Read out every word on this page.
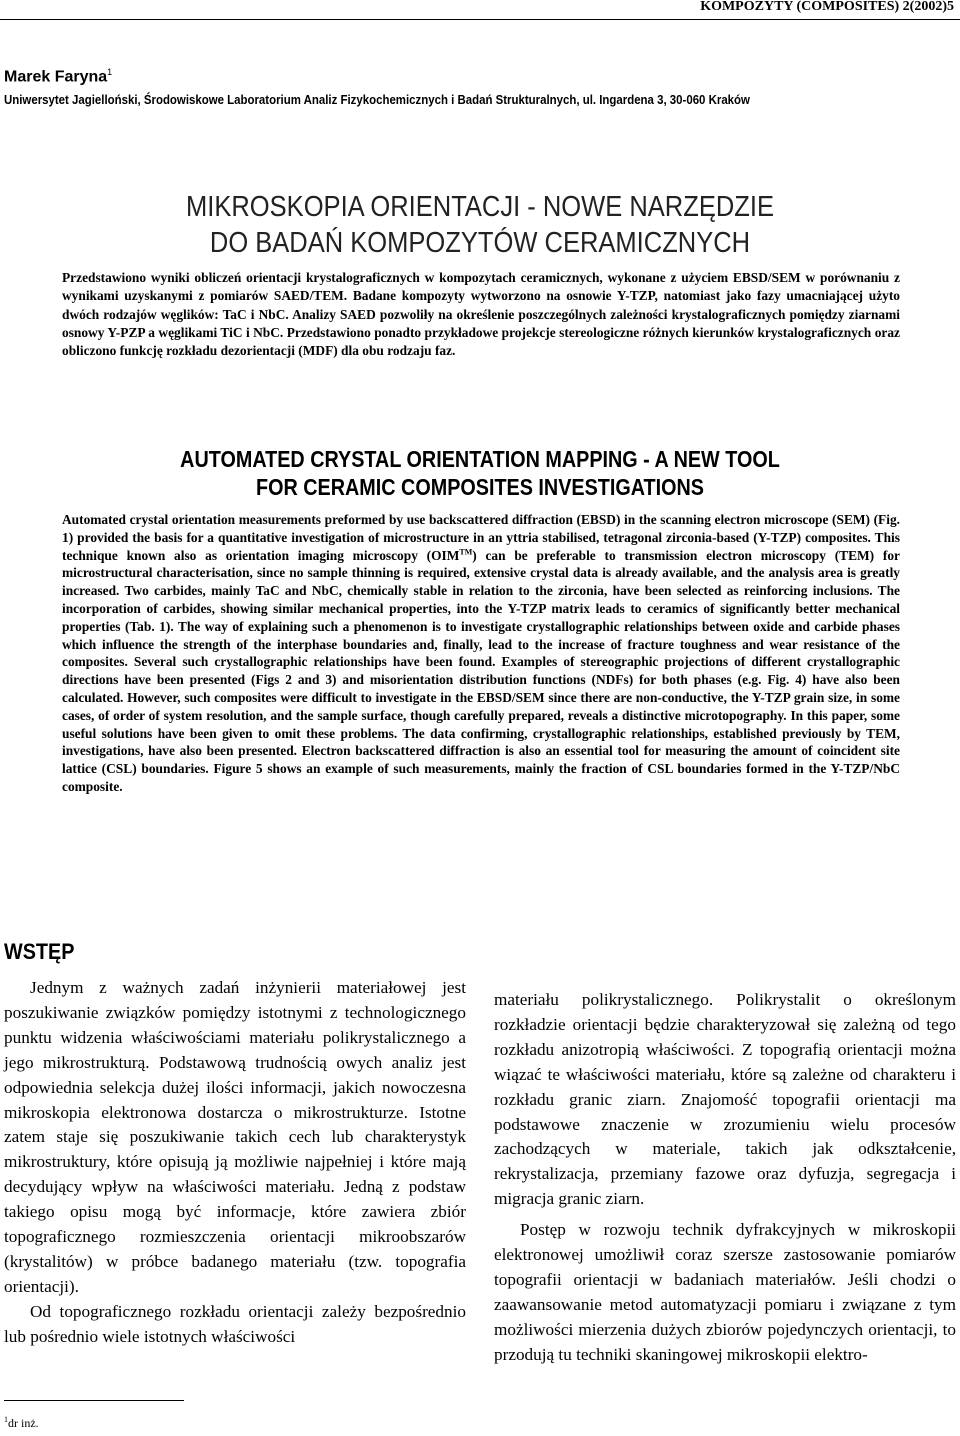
KOMPOZYTY (COMPOSITES) 2(2002)5
Marek Faryna$^1$
Uniwersytet Jagielloński, Środowiskowe Laboratorium Analiz Fizykochemicznych i Badań Strukturalnych, ul. Ingardena 3, 30-060 Kraków
MIKROSKOPIA ORIENTACJI - NOWE NARZĘDZIE
DO BADAŃ KOMPOZYTÓW CERAMICZNYCH
Przedstawiono wyniki obliczeń orientacji krystalograficznych w kompozytach ceramicznych, wykonane z użyciem EBSD/SEM w porównaniu z wynikami uzyskanymi z pomiarów SAED/TEM. Badane kompozyty wytworzono na osnowie Y-TZP, natomiast jako fazy umacniającej użyto dwóch rodzajów węglików: TaC i NbC. Analizy SAED pozwoliły na określenie poszczególnych zależności krystalograficznych pomiędzy ziarnami osnowy Y-PZP a węglikami TiC i NbC. Przedstawiono ponadto przykładowe projekcje stereologiczne różnych kierunków krystalograficznych oraz obliczono funkcję rozkładu dezorientacji (MDF) dla obu rodzaju faz.
AUTOMATED CRYSTAL ORIENTATION MAPPING - A NEW TOOL
FOR CERAMIC COMPOSITES INVESTIGATIONS
Automated crystal orientation measurements preformed by use backscattered diffraction (EBSD) in the scanning electron microscope (SEM) (Fig. 1) provided the basis for a quantitative investigation of microstructure in an yttria stabilised, tetragonal zirconia-based (Y-TZP) composites. This technique known also as orientation imaging microscopy (OIM™) can be preferable to transmission electron microscopy (TEM) for microstructural characterisation, since no sample thinning is required, extensive crystal data is already available, and the analysis area is greatly increased. Two carbides, mainly TaC and NbC, chemically stable in relation to the zirconia, have been selected as reinforcing inclusions. The incorporation of carbides, showing similar mechanical properties, into the Y-TZP matrix leads to ceramics of significantly better mechanical properties (Tab. 1). The way of explaining such a phenomenon is to investigate crystallographic relationships between oxide and carbide phases which influence the strength of the interphase boundaries and, finally, lead to the increase of fracture toughness and wear resistance of the composites. Several such crystallographic relationships have been found. Examples of stereographic projections of different crystallographic directions have been presented (Figs 2 and 3) and misorientation distribution functions (NDFs) for both phases (e.g. Fig. 4) have also been calculated. However, such composites were difficult to investigate in the EBSD/SEM since there are non-conductive, the Y-TZP grain size, in some cases, of order of system resolution, and the sample surface, though carefully prepared, reveals a distinctive microtopography. In this paper, some useful solutions have been given to omit these problems. The data confirming, crystallographic relationships, established previously by TEM, investigations, have also been presented. Electron backscattered diffraction is also an essential tool for measuring the amount of coincident site lattice (CSL) boundaries. Figure 5 shows an example of such measurements, mainly the fraction of CSL boundaries formed in the Y-TZP/NbC composite.
WSTĘP

Jednym z ważnych zadań inżynierii materiałowej jest poszukiwanie związków pomiędzy istotnymi z technologicznego punktu widzenia właściwościami materiału polikrystalicznego a jego mikrostrukturą. Podstawową trudnością owych analiz jest odpowiednia selekcja dużej ilości informacji, jakich nowoczesna mikroskopia elektronowa dostarcza o mikrostrukturze. Istotne zatem staje się poszukiwanie takich cech lub charakterystyk mikrostruktury, które opisują ją możliwie najpełniej i które mają decydujący wpływ na właściwości materiału. Jedną z podstaw takiego opisu mogą być informacje, które zawiera zbiór topograficznego rozmieszczenia orientacji mikroobszarów (krystalitów) w próbce badanego materiału (tzw. topografia orientacji).

Od topograficznego rozkładu orientacji zależy bezpośrednio lub pośrednio wiele istotnych właściwości

materiału polikrystalicznego. Polikrystalit o określonym rozkładzie orientacji będzie charakteryzował się zależną od tego rozkładu anizotropią właściwości. Z topografią orientacji można wiązać te właściwości materiału, które są zależne od charakteru i rozkładu granic ziarn. Znajomość topografii orientacji ma podstawowe znaczenie w zrozumieniu wielu procesów zachodzących w materiale, takich jak odkształcenie, rekrystalizacja, przemiany fazowe oraz dyfuzja, segregacja i migracja granic ziarn.

Postęp w rozwoju technik dyfrakcyjnych w mikroskopii elektronowej umożliwił coraz szersze zastosowanie pomiarów topografii orientacji w badaniach materiałów. Jeśli chodzi o zaawansowanie metod automatyzacji pomiaru i związane z tym możliwości mierzenia dużych zbiorów pojedynczych orientacji, to przodują tu techniki skaningowej mikroskopii elektro-

$^1$dr inż.
